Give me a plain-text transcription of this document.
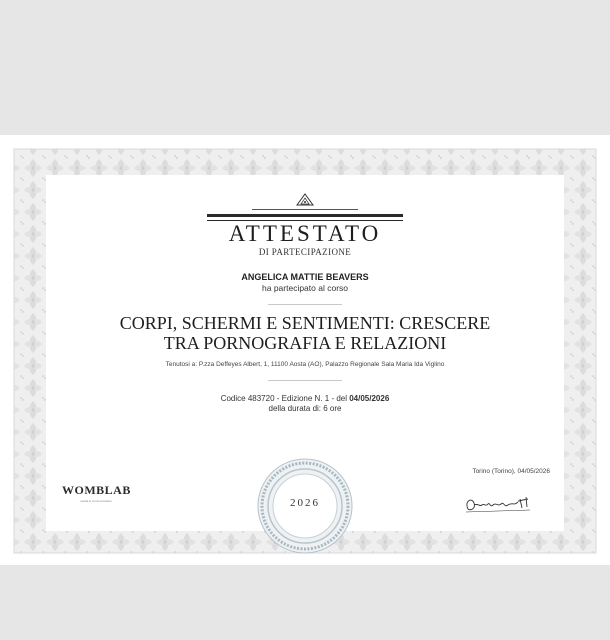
ATTESTATO
DI PARTECIPAZIONE
ANGELICA MATTIE BEAVERS
ha partecipato al corso
CORPI, SCHERMI E SENTIMENTI: CRESCERE
TRA PORNOGRAFIA E RELAZIONI
Tenutosi a: P.zza Deffeyes Albert, 1, 11100 Aosta (AO), Palazzo Regionale Sala Maria Ida Viglino
Codice 483720 - Edizione N. 1 - del 04/05/2026
della durata di: 6 ore
WOMBLAB
media & communication	2026
Torino (Torino), 04/05/2026
